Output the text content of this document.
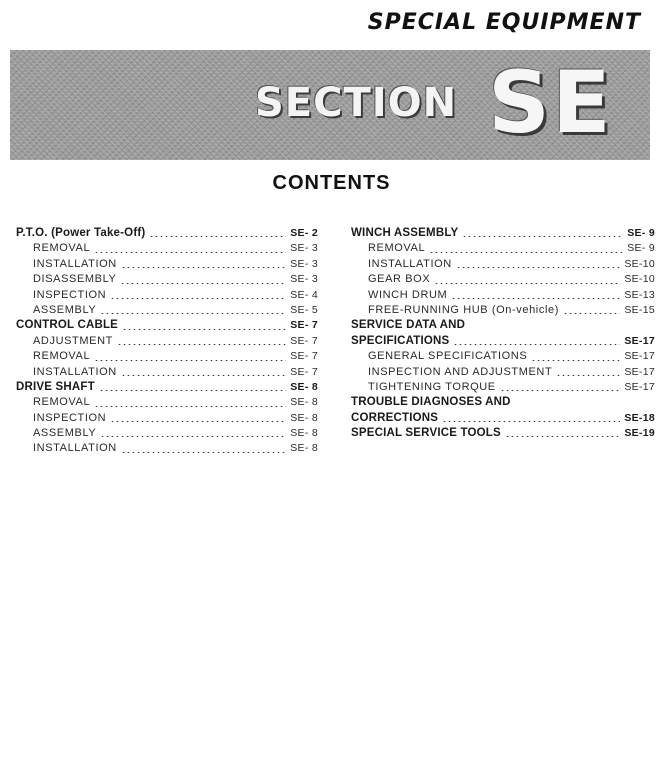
SPECIAL EQUIPMENT
SECTION SE
CONTENTS
P.T.O. (Power Take-Off)	SE- 2
REMOVAL	SE- 3
INSTALLATION	SE- 3
DISASSEMBLY	SE- 3
INSPECTION	SE- 4
ASSEMBLY	SE- 5
CONTROL CABLE	SE- 7
ADJUSTMENT	SE- 7
REMOVAL	SE- 7
INSTALLATION	SE- 7
DRIVE SHAFT	SE- 8
REMOVAL	SE- 8
INSPECTION	SE- 8
ASSEMBLY	SE- 8
INSTALLATION	SE- 8
WINCH ASSEMBLY	SE- 9
REMOVAL	SE- 9
INSTALLATION	SE-10
GEAR BOX	SE-10
WINCH DRUM	SE-13
FREE-RUNNING HUB (On-vehicle)	SE-15
SERVICE DATA AND
SPECIFICATIONS	SE-17
GENERAL SPECIFICATIONS	SE-17
INSPECTION AND ADJUSTMENT	SE-17
TIGHTENING TORQUE	SE-17
TROUBLE DIAGNOSES AND
CORRECTIONS	SE-18
SPECIAL SERVICE TOOLS	SE-19
